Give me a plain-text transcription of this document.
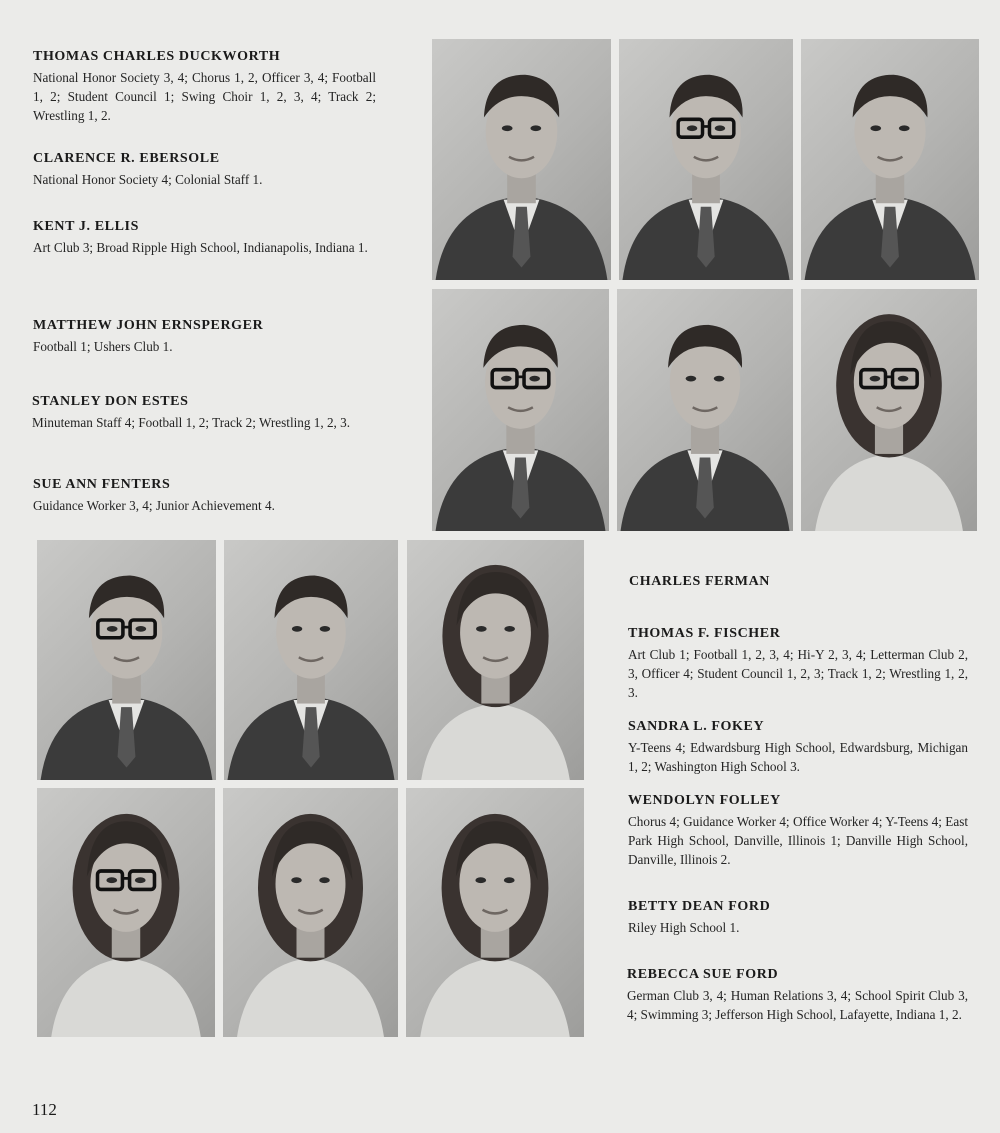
THOMAS CHARLES DUCKWORTH

National Honor Society 3, 4; Chorus 1, 2, Officer 3, 4; Football 1, 2; Student Council 1; Swing Choir 1, 2, 3, 4; Track 2; Wrestling 1, 2.

CLARENCE R. EBERSOLE

National Honor Society 4; Colonial Staff 1.

KENT J. ELLIS

Art Club 3; Broad Ripple High School, Indianapolis, Indiana 1.

MATTHEW JOHN ERNSPERGER

Football 1; Ushers Club 1.

STANLEY DON ESTES

Minuteman Staff 4; Football 1, 2; Track 2; Wrestling 1, 2, 3.

SUE ANN FENTERS

Guidance Worker 3, 4; Junior Achievement 4.

CHARLES FERMAN

THOMAS F. FISCHER

Art Club 1; Football 1, 2, 3, 4; Hi-Y 2, 3, 4; Letterman Club 2, 3, Officer 4; Student Council 1, 2, 3; Track 1, 2; Wrestling 1, 2, 3.

SANDRA L. FOKEY

Y-Teens 4; Edwardsburg High School, Edwardsburg, Michigan 1, 2; Washington High School 3.

WENDOLYN FOLLEY

Chorus 4; Guidance Worker 4; Office Worker 4; Y-Teens 4; East Park High School, Danville, Illinois 1; Danville High School, Danville, Illinois 2.

BETTY DEAN FORD

Riley High School 1.

REBECCA SUE FORD

German Club 3, 4; Human Relations 3, 4; School Spirit Club 3, 4; Swimming 3; Jefferson High School, Lafayette, Indiana 1, 2.

112
